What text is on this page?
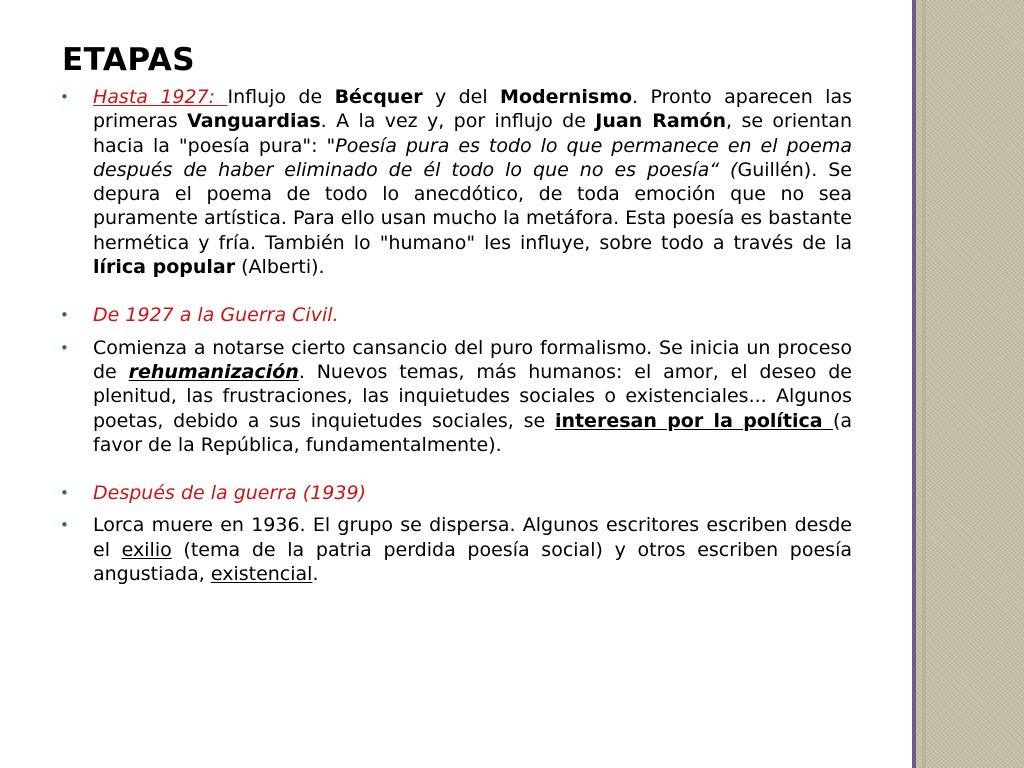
ETAPAS
• Hasta 1927: Influjo de Bécquer y del Modernismo. Pronto aparecen las primeras Vanguardias. A la vez y, por influjo de Juan Ramón, se orientan hacia la "poesía pura": "Poesía pura es todo lo que permanece en el poema después de haber eliminado de él todo lo que no es poesía“ (Guillén). Se depura el poema de todo lo anecdótico, de toda emoción que no sea puramente artística. Para ello usan mucho la metáfora. Esta poesía es bastante hermética y fría. También lo "humano" les influye, sobre todo a través de la lírica popular (Alberti).
• De 1927 a la Guerra Civil.
• Comienza a notarse cierto cansancio del puro formalismo. Se inicia un proceso de rehumanización. Nuevos temas, más humanos: el amor, el deseo de plenitud, las frustraciones, las inquietudes sociales o existenciales... Algunos poetas, debido a sus inquietudes sociales, se interesan por la política (a favor de la República, fundamentalmente).
• Después de la guerra (1939)
• Lorca muere en 1936. El grupo se dispersa. Algunos escritores escriben desde el exilio (tema de la patria perdida poesía social) y otros escriben poesía angustiada, existencial.
